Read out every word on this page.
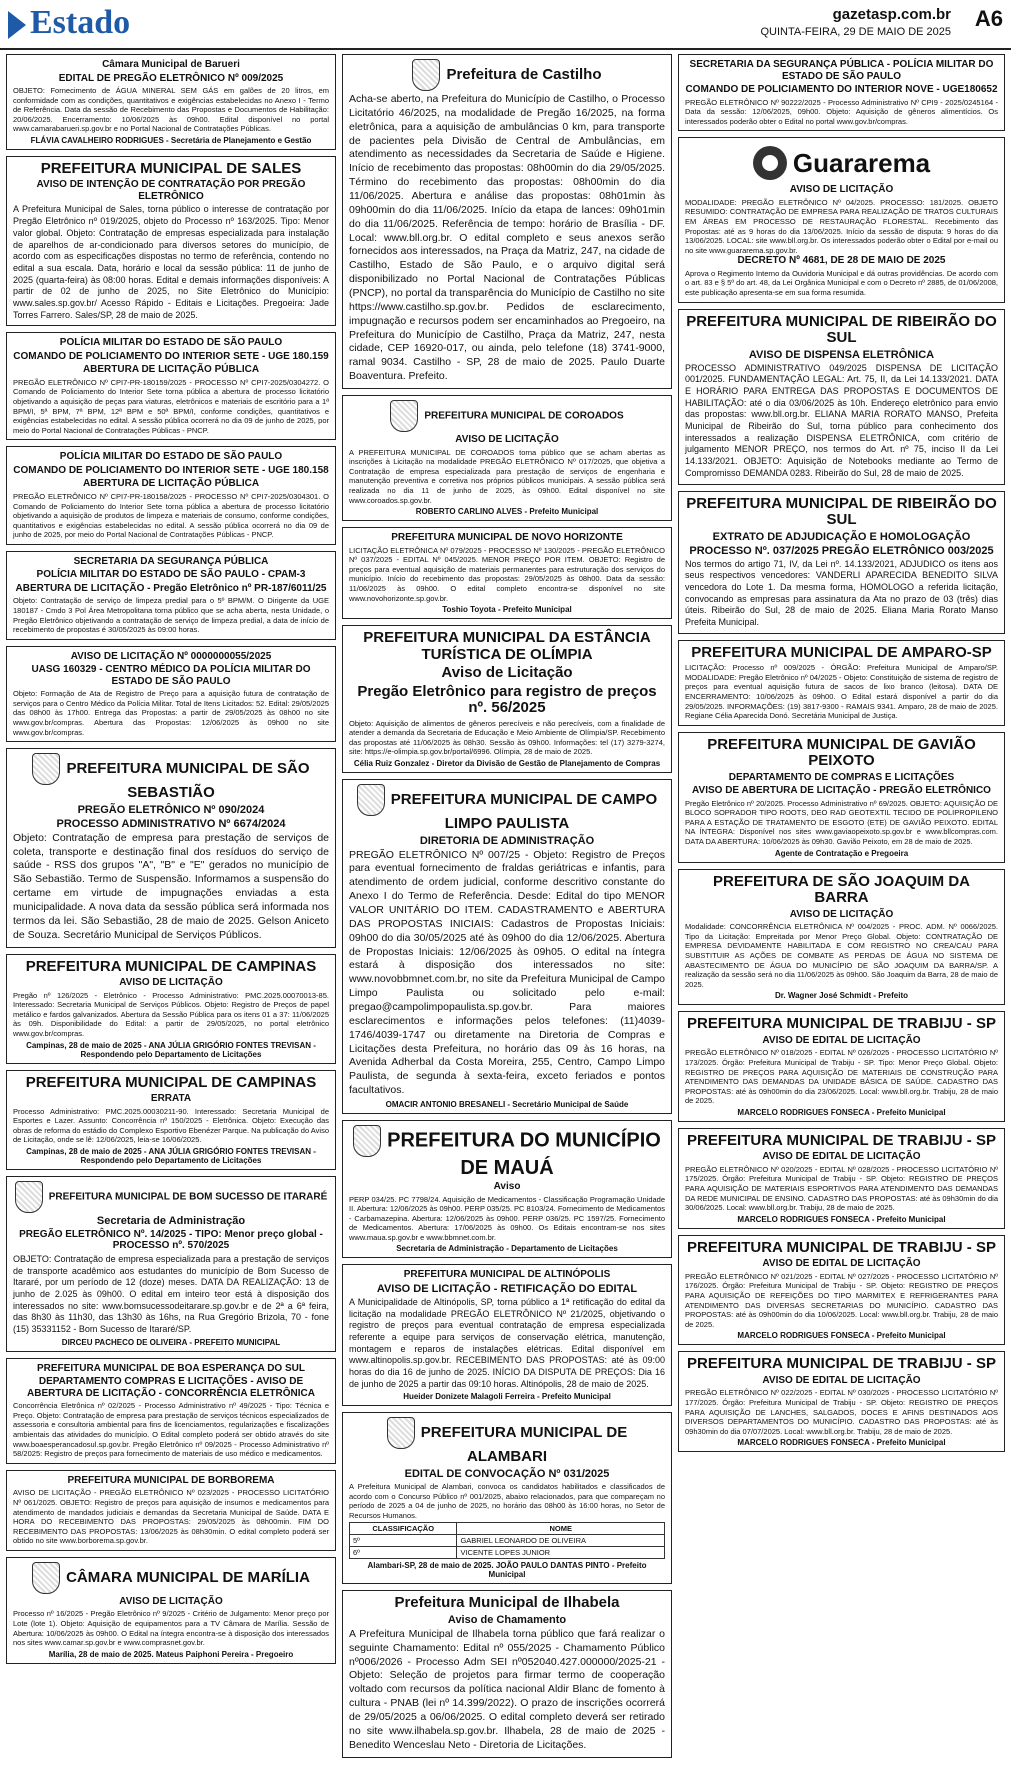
Estado	gazetasp.com.br
QUINTA-FEIRA, 29 DE MAIO DE 2025
A6
Câmara Municipal de Barueri
EDITAL DE PREGÃO ELETRÔNICO Nº 009/2025

OBJETO: Fornecimento de ÁGUA MINERAL SEM GÁS em galões de 20 litros, em conformidade com as condições, quantitativos e exigências estabelecidas no Anexo I - Termo de Referência. Data da sessão de Recebimento das Propostas e Documentos de Habilitação: 20/06/2025. Encerramento: 10/06/2025 às 09h00. Edital disponível no portal www.camarabarueri.sp.gov.br e no Portal Nacional de Contratações Públicas.

FLÁVIA CAVALHEIRO RODRIGUES - Secretária de Planejamento e Gestão
PREFEITURA MUNICIPAL DE SALES
AVISO DE INTENÇÃO DE CONTRATAÇÃO POR PREGÃO ELETRÔNICO

A Prefeitura Municipal de Sales, torna público o interesse de contratação por Pregão Eletrônico nº 019/2025, objeto do Processo nº 163/2025. Tipo: Menor valor global. Objeto: Contratação de empresas especializada para instalação de aparelhos de ar-condicionado para diversos setores do município, de acordo com as especificações dispostas no termo de referência, contendo no edital a sua escala. Data, horário e local da sessão pública: 11 de junho de 2025 (quarta-feira) às 08:00 horas. Edital e demais informações disponíveis: A partir de 02 de junho de 2025, no Site Eletrônico do Município: www.sales.sp.gov.br/ Acesso Rápido - Editais e Licitações. Pregoeira: Jade Torres Farrero. Sales/SP, 28 de maio de 2025.

POLÍCIA MILITAR DO ESTADO DE SÃO PAULO
COMANDO DE POLICIAMENTO DO INTERIOR SETE - UGE 180.159
ABERTURA DE LICITAÇÃO PÚBLICA

PREGÃO ELETRÔNICO Nº CPI7-PR-180159/2025 - PROCESSO Nº CPI7-2025/0304272. O Comando de Policiamento do Interior Sete torna pública a abertura de processo licitatório objetivando a aquisição de peças para viaturas, eletrônicos e materiais de escritório para a 1ª BPM/I, 5ª BPM, 7ª BPM, 12ª BPM e 50ª BPM/I, conforme condições, quantitativos e exigências estabelecidas no edital. A sessão pública ocorrerá no dia 09 de junho de 2025, por meio do Portal Nacional de Contratações Públicas - PNCP.

POLÍCIA MILITAR DO ESTADO DE SÃO PAULO
COMANDO DE POLICIAMENTO DO INTERIOR SETE - UGE 180.158
ABERTURA DE LICITAÇÃO PÚBLICA

PREGÃO ELETRÔNICO Nº CPI7-PR-180158/2025 - PROCESSO Nº CPI7-2025/0304301. O Comando de Policiamento do Interior Sete torna pública a abertura de processo licitatório objetivando a aquisição de produtos de limpeza e materiais de consumo, conforme condições, quantitativos e exigências estabelecidas no edital. A sessão pública ocorrerá no dia 09 de junho de 2025, por meio do Portal Nacional de Contratações Públicas - PNCP.

SECRETARIA DA SEGURANÇA PÚBLICA
POLÍCIA MILITAR DO ESTADO DE SÃO PAULO - CPAM-3
ABERTURA DE LICITAÇÃO - Pregão Eletrônico nº PR-187/6011/25

Objeto: Contratação de serviço de limpeza predial para o 5º BPM/M. O Dirigente da UGE 180187 - Cmdo 3 Pol Área Metropolitana torna público que se acha aberta, nesta Unidade, o Pregão Eletrônico objetivando a contratação de serviço de limpeza predial, a data de início de recebimento de propostas é 30/05/2025 às 09:00 horas.

AVISO DE LICITAÇÃO Nº 0000000055/2025
UASG 160329 - CENTRO MÉDICO DA POLÍCIA MILITAR DO ESTADO DE SÃO PAULO

Objeto: Formação de Ata de Registro de Preço para a aquisição futura de contratação de serviços para o Centro Médico da Polícia Militar. Total de Itens Licitados: 52. Edital: 29/05/2025 das 08h00 às 17h00. Entrega das Propostas: a partir de 29/05/2025 às 08h00 no site www.gov.br/compras. Abertura das Propostas: 12/06/2025 às 09h00 no site www.gov.br/compras.

PREFEITURA MUNICIPAL DE SÃO SEBASTIÃO
PREGÃO ELETRÔNICO Nº 090/2024
PROCESSO ADMINISTRATIVO Nº 6674/2024

Objeto: Contratação de empresa para prestação de serviços de coleta, transporte e destinação final dos resíduos do serviço de saúde - RSS dos grupos "A", "B" e "E" gerados no município de São Sebastião. Termo de Suspensão. Informamos a suspensão do certame em virtude de impugnações enviadas a esta municipalidade. A nova data da sessão pública será informada nos termos da lei. São Sebastião, 28 de maio de 2025. Gelson Aniceto de Souza. Secretário Municipal de Serviços Públicos.

PREFEITURA MUNICIPAL DE CAMPINAS
AVISO DE LICITAÇÃO

Pregão nº 126/2025 - Eletrônico - Processo Administrativo: PMC.2025.00070013-85. Interessado: Secretaria Municipal de Serviços Públicos. Objeto: Registro de Preços de papel metálico e fardos galvanizados. Abertura da Sessão Pública para os itens 01 a 37: 11/06/2025 às 09h. Disponibilidade do Edital: a partir de 29/05/2025, no portal eletrônico www.gov.br/compras.

Campinas, 28 de maio de 2025 - ANA JÚLIA GRIGÓRIO FONTES TREVISAN - Respondendo pelo Departamento de Licitações
PREFEITURA MUNICIPAL DE CAMPINAS
ERRATA

Processo Administrativo: PMC.2025.00030211-90. Interessado: Secretaria Municipal de Esportes e Lazer. Assunto: Concorrência nº 150/2025 - Eletrônica. Objeto: Execução das obras de reforma do estádio do Complexo Esportivo Ebenézer Parque. Na publicação do Aviso de Licitação, onde se lê: 12/06/2025, leia-se 16/06/2025.

Campinas, 28 de maio de 2025 - ANA JÚLIA GRIGÓRIO FONTES TREVISAN - Respondendo pelo Departamento de Licitações
PREFEITURA MUNICIPAL DE BOM SUCESSO DE ITARARÉ
Secretaria de Administração
PREGÃO ELETRÔNICO Nº. 14/2025 - TIPO: Menor preço global - PROCESSO nº. 570/2025

OBJETO: Contratação de empresa especializada para a prestação de serviços de transporte acadêmico aos estudantes do município de Bom Sucesso de Itararé, por um período de 12 (doze) meses. DATA DA REALIZAÇÃO: 13 de junho de 2.025 às 09h00. O edital em inteiro teor está à disposição dos interessados no site: www.bomsucessodeitarare.sp.gov.br e de 2ª a 6ª feira, das 8h30 às 11h30, das 13h30 às 16hs, na Rua Gregório Brizola, 70 - fone (15) 35331152 - Bom Sucesso de Itararé/SP.

DIRCEU PACHECO DE OLIVEIRA - PREFEITO MUNICIPAL
PREFEITURA MUNICIPAL DE BOA ESPERANÇA DO SUL
DEPARTAMENTO COMPRAS E LICITAÇÕES - AVISO DE ABERTURA DE LICITAÇÃO - CONCORRÊNCIA ELETRÔNICA

Concorrência Eletrônica nº 02/2025 - Processo Administrativo nº 49/2025 - Tipo: Técnica e Preço. Objeto: Contratação de empresa para prestação de serviços técnicos especializados de assessoria e consultoria ambiental para fins de licenciamentos, regularizações e fiscalizações ambientais das atividades do município. O Edital completo poderá ser obtido através do site www.boaesperancadosul.sp.gov.br. Pregão Eletrônico nº 09/2025 - Processo Administrativo nº 58/2025: Registro de preços para fornecimento de materiais de uso médico e medicamentos.

PREFEITURA MUNICIPAL DE BORBOREMA

AVISO DE LICITAÇÃO - PREGÃO ELETRÔNICO Nº 023/2025 - PROCESSO LICITATÓRIO Nº 061/2025. OBJETO: Registro de preços para aquisição de insumos e medicamentos para atendimento de mandados judiciais e demandas da Secretaria Municipal de Saúde. DATA E HORA DO RECEBIMENTO DAS PROPOSTAS: 29/05/2025 às 08h00min. FIM DO RECEBIMENTO DAS PROPOSTAS: 13/06/2025 às 08h30min. O edital completo poderá ser obtido no site www.borborema.sp.gov.br.

CÂMARA MUNICIPAL DE MARÍLIA
AVISO DE LICITAÇÃO

Processo nº 16/2025 - Pregão Eletrônico nº 9/2025 - Critério de Julgamento: Menor preço por Lote (lote 1). Objeto: Aquisição de equipamentos para a TV Câmara de Marília. Sessão de Abertura: 10/06/2025 às 09h00. O Edital na íntegra encontra-se à disposição dos interessados nos sites www.camar.sp.gov.br e www.comprasnet.gov.br.

Marília, 28 de maio de 2025. Mateus Paiphoni Pereira - Pregoeiro
Prefeitura de Castilho

Acha-se aberto, na Prefeitura do Município de Castilho, o Processo Licitatório 46/2025, na modalidade de Pregão 16/2025, na forma eletrônica, para a aquisição de ambulâncias 0 km, para transporte de pacientes pela Divisão de Central de Ambulâncias, em atendimento as necessidades da Secretaria de Saúde e Higiene. Início de recebimento das propostas: 08h00min do dia 29/05/2025. Término do recebimento das propostas: 08h00min do dia 11/06/2025. Abertura e análise das propostas: 08h01min às 09h00min do dia 11/06/2025. Início da etapa de lances: 09h01min do dia 11/06/2025. Referência de tempo: horário de Brasília - DF. Local: www.bll.org.br. O edital completo e seus anexos serão fornecidos aos interessados, na Praça da Matriz, 247, na cidade de Castilho, Estado de São Paulo, e o arquivo digital será disponibilizado no Portal Nacional de Contratações Públicas (PNCP), no portal da transparência do Município de Castilho no site https://www.castilho.sp.gov.br. Pedidos de esclarecimento, impugnação e recursos podem ser encaminhados ao Pregoeiro, na Prefeitura do Município de Castilho, Praça da Matriz, 247, nesta cidade, CEP 16920-017, ou ainda, pelo telefone (18) 3741-9000, ramal 9034. Castilho - SP, 28 de maio de 2025. Paulo Duarte Boaventura. Prefeito.

PREFEITURA MUNICIPAL DE COROADOS
AVISO DE LICITAÇÃO

A PREFEITURA MUNICIPAL DE COROADOS torna público que se acham abertas as inscrições à Licitação na modalidade PREGÃO ELETRÔNICO Nº 017/2025, que objetiva a Contratação de empresa especializada para prestação de serviços de engenharia e manutenção preventiva e corretiva nos próprios públicos municipais. A sessão pública será realizada no dia 11 de junho de 2025, às 09h00. Edital disponível no site www.coroados.sp.gov.br.

ROBERTO CARLINO ALVES - Prefeito Municipal
PREFEITURA MUNICIPAL DE NOVO HORIZONTE

LICITAÇÃO ELETRÔNICA Nº 079/2025 - PROCESSO Nº 130/2025 - PREGÃO ELETRÔNICO Nº 037/2025 - EDITAL Nº 045/2025. MENOR PREÇO POR ITEM. OBJETO: Registro de preços para eventual aquisição de materiais permanentes para estruturação dos serviços do município. Início do recebimento das propostas: 29/05/2025 às 08h00. Data da sessão: 11/06/2025 às 09h00. O edital completo encontra-se disponível no site www.novohorizonte.sp.gov.br.

Toshio Toyota - Prefeito Municipal
PREFEITURA MUNICIPAL DA ESTÂNCIA TURÍSTICA DE OLÍMPIA
Aviso de Licitação
Pregão Eletrônico para registro de preços nº. 56/2025

Objeto: Aquisição de alimentos de gêneros perecíveis e não perecíveis, com a finalidade de atender a demanda da Secretaria de Educação e Meio Ambiente de Olímpia/SP. Recebimento das propostas até 11/06/2025 às 08h30. Sessão às 09h00. Informações: tel (17) 3279-3274, site: https://e-olimpia.sp.gov.br/portal/6996. Olímpia, 28 de maio de 2025.

Célia Ruiz Gonzalez - Diretor da Divisão de Gestão de Planejamento de Compras
PREFEITURA MUNICIPAL DE CAMPO LIMPO PAULISTA
DIRETORIA DE ADMINISTRAÇÃO

PREGÃO ELETRÔNICO Nº 007/25 - Objeto: Registro de Preços para eventual fornecimento de fraldas geriátricas e infantis, para atendimento de ordem judicial, conforme descritivo constante do Anexo I do Termo de Referência. Desde: Edital do tipo MENOR VALOR UNITÁRIO DO ITEM. CADASTRAMENTO e ABERTURA DAS PROPOSTAS INICIAIS: Cadastros de Propostas Iniciais: 09h00 do dia 30/05/2025 até às 09h00 do dia 12/06/2025. Abertura de Propostas Iniciais: 12/06/2025 às 09h05. O edital na íntegra estará à disposição dos interessados no site: www.novobbmnet.com.br, no site da Prefeitura Municipal de Campo Limpo Paulista ou solicitado pelo e-mail: pregao@campolimpopaulista.sp.gov.br. Para maiores esclarecimentos e informações pelos telefones: (11)4039-1746/4039-1747 ou diretamente na Diretoria de Compras e Licitações desta Prefeitura, no horário das 09 às 16 horas, na Avenida Adherbal da Costa Moreira, 255, Centro, Campo Limpo Paulista, de segunda à sexta-feira, exceto feriados e pontos facultativos.

OMACIR ANTONIO BRESANELI - Secretário Municipal de Saúde
PREFEITURA DO MUNICÍPIO DE MAUÁ
Aviso

PERP 034/25. PC 7798/24. Aquisição de Medicamentos - Classificação Programação Unidade II. Abertura: 12/06/2025 às 09h00. PERP 035/25. PC 8103/24. Fornecimento de Medicamentos - Carbamazepina. Abertura: 12/06/2025 às 09h00. PERP 036/25. PC 1597/25. Fornecimento de Medicamentos. Abertura: 17/06/2025 às 09h00. Os Editais encontram-se nos sites www.maua.sp.gov.br e www.bbmnet.com.br.

Secretaria de Administração - Departamento de Licitações
PREFEITURA MUNICIPAL DE ALTINÓPOLIS
AVISO DE LICITAÇÃO - RETIFICAÇÃO DO EDITAL

A Municipalidade de Altinópolis, SP, torna público a 1ª retificação do edital da licitação na modalidade PREGÃO ELETRÔNICO Nº 21/2025, objetivando o registro de preços para eventual contratação de empresa especializada referente a equipe para serviços de conservação elétrica, manutenção, montagem e reparos de instalações elétricas. Edital disponível em www.altinopolis.sp.gov.br. RECEBIMENTO DAS PROPOSTAS: até às 09:00 horas do dia 16 de junho de 2025. INÍCIO DA DISPUTA DE PREÇOS: Dia 16 de junho de 2025 a partir das 09:10 horas. Altinópolis, 28 de maio de 2025.

Hueider Donizete Malagoli Ferreira - Prefeito Municipal
PREFEITURA MUNICIPAL DE ALAMBARI
EDITAL DE CONVOCAÇÃO Nº 031/2025

A Prefeitura Municipal de Alambari, convoca os candidatos habilitados e classificados de acordo com o Concurso Público nº 001/2025, abaixo relacionados, para que compareçam no período de 2025 a 04 de junho de 2025, no horário das 08h00 às 16:00 horas, no Setor de Recursos Humanos.

CLASSIFICAÇÃO	NOME
5º	GABRIEL LEONARDO DE OLIVEIRA
6º	VICENTE LOPES JUNIOR
Alambari-SP, 28 de maio de 2025. JOÃO PAULO DANTAS PINTO - Prefeito Municipal
Prefeitura Municipal de Ilhabela
Aviso de Chamamento

A Prefeitura Municipal de Ilhabela torna público que fará realizar o seguinte Chamamento: Edital nº 055/2025 - Chamamento Público nº006/2026 - Processo Adm SEI nº052040.427.000000/2025-21 - Objeto: Seleção de projetos para firmar termo de cooperação voltado com recursos da política nacional Aldir Blanc de fomento à cultura - PNAB (lei nº 14.399/2022). O prazo de inscrições ocorrerá de 29/05/2025 a 06/06/2025. O edital completo deverá ser retirado no site www.ilhabela.sp.gov.br. Ilhabela, 28 de maio de 2025 - Benedito Wenceslau Neto - Diretoria de Licitações.

SECRETARIA DA SEGURANÇA PÚBLICA - POLÍCIA MILITAR DO ESTADO DE SÃO PAULO
COMANDO DE POLICIAMENTO DO INTERIOR NOVE - UGE180652

PREGÃO ELETRÔNICO Nº 90222/2025 - Processo Administrativo Nº CPI9 - 2025/0245164 - Data da sessão: 12/06/2025, 09h00. Objeto: Aquisição de gêneros alimentícios. Os interessados poderão obter o Edital no portal www.gov.br/compras.

Guararema
AVISO DE LICITAÇÃO

MODALIDADE: PREGÃO ELETRÔNICO Nº 04/2025. PROCESSO: 181/2025. OBJETO RESUMIDO: CONTRATAÇÃO DE EMPRESA PARA REALIZAÇÃO DE TRATOS CULTURAIS EM ÁREAS EM PROCESSO DE RESTAURAÇÃO FLORESTAL. Recebimento das Propostas: até as 9 horas do dia 13/06/2025. Início da sessão de disputa: 9 horas do dia 13/06/2025. LOCAL: site www.bll.org.br. Os interessados poderão obter o Edital por e-mail ou no site www.guararema.sp.gov.br.

DECRETO Nº 4681, DE 28 DE MAIO DE 2025

Aprova o Regimento Interno da Ouvidoria Municipal e dá outras providências. De acordo com o art. 83 e § 5º do art. 48, da Lei Orgânica Municipal e com o Decreto nº 2885, de 01/06/2008, este publicação apresenta-se em sua forma resumida.

PREFEITURA MUNICIPAL DE RIBEIRÃO DO SUL
AVISO DE DISPENSA ELETRÔNICA

PROCESSO ADMINISTRATIVO 049/2025 DISPENSA DE LICITAÇÃO 001/2025. FUNDAMENTAÇÃO LEGAL: Art. 75, II, da Lei 14.133/2021. DATA E HORÁRIO PARA ENTREGA DAS PROPOSTAS E DOCUMENTOS DE HABILITAÇÃO: até o dia 03/06/2025 às 10h. Endereço eletrônico para envio das propostas: www.bll.org.br. ELIANA MARIA RORATO MANSO, Prefeita Municipal de Ribeirão do Sul, torna público para conhecimento dos interessados a realização DISPENSA ELETRÔNICA, com critério de julgamento MENOR PREÇO, nos termos do Art. nº 75, inciso II da Lei 14.133/2021. OBJETO: Aquisição de Notebooks mediante ao Termo de Compromisso DEMANDA 0283. Ribeirão do Sul, 28 de maio de 2025.

PREFEITURA MUNICIPAL DE RIBEIRÃO DO SUL
EXTRATO DE ADJUDICAÇÃO E HOMOLOGAÇÃO
PROCESSO Nº. 037/2025 PREGÃO ELETRÔNICO 003/2025

Nos termos do artigo 71, IV, da Lei nº. 14.133/2021, ADJUDICO os itens aos seus respectivos vencedores: VANDERLI APARECIDA BENEDITO SILVA vencedora do Lote 1. Da mesma forma, HOMOLOGO a referida licitação, convocando as empresas para assinatura da Ata no prazo de 03 (três) dias úteis. Ribeirão do Sul, 28 de maio de 2025. Eliana Maria Rorato Manso Prefeita Municipal.

PREFEITURA MUNICIPAL DE AMPARO-SP

LICITAÇÃO: Processo nº 009/2025 - ÓRGÃO: Prefeitura Municipal de Amparo/SP. MODALIDADE: Pregão Eletrônico nº 04/2025 - Objeto: Constituição de sistema de registro de preços para eventual aquisição futura de sacos de lixo branco (leitosa). DATA DE ENCERRAMENTO: 10/06/2025 às 09h00. O Edital estará disponível a partir do dia 29/05/2025. INFORMAÇÕES: (19) 3817-9300 - RAMAIS 9341. Amparo, 28 de maio de 2025. Regiane Célia Aparecida Donó. Secretária Municipal de Justiça.

PREFEITURA MUNICIPAL DE GAVIÃO PEIXOTO
DEPARTAMENTO DE COMPRAS E LICITAÇÕES
AVISO DE ABERTURA DE LICITAÇÃO - PREGÃO ELETRÔNICO

Pregão Eletrônico nº 20/2025. Processo Administrativo nº 69/2025. OBJETO: AQUISIÇÃO DE BLOCO SOPRADOR TIPO ROOTS, DEO RAD GEOTEXTIL TECIDO DE POLIPROPILENO PARA A ESTAÇÃO DE TRATAMENTO DE ESGOTO (ETE) DE GAVIÃO PEIXOTO. EDITAL NA ÍNTEGRA: Disponível nos sites www.gaviaopeixoto.sp.gov.br e www.bllcompras.com. DATA DA ABERTURA: 10/06/2025 às 09h30. Gavião Peixoto, em 28 de maio de 2025.

Agente de Contratação e Pregoeira
PREFEITURA DE SÃO JOAQUIM DA BARRA
AVISO DE LICITAÇÃO

Modalidade: CONCORRÊNCIA ELETRÔNICA Nº 004/2025 - PROC. ADM. Nº 0066/2025. Tipo da Licitação: Empreitada por Menor Preço Global. Objeto: CONTRATAÇÃO DE EMPRESA DEVIDAMENTE HABILITADA E COM REGISTRO NO CREA/CAU PARA SUBSTITUIR AS AÇÕES DE COMBATE AS PERDAS DE ÁGUA NO SISTEMA DE ABASTECIMENTO DE ÁGUA DO MUNICÍPIO DE SÃO JOAQUIM DA BARRA/SP. A realização da sessão será no dia 11/06/2025 às 09h00. São Joaquim da Barra, 28 de maio de 2025.

Dr. Wagner José Schmidt - Prefeito
PREFEITURA MUNICIPAL DE TRABIJU - SP
AVISO DE EDITAL DE LICITAÇÃO

PREGÃO ELETRÔNICO Nº 018/2025 - EDITAL Nº 026/2025 - PROCESSO LICITATÓRIO Nº 173/2025. Órgão: Prefeitura Municipal de Trabiju - SP. Tipo: Menor Preço Global. Objeto: REGISTRO DE PREÇOS PARA AQUISIÇÃO DE MATERIAIS DE CONSTRUÇÃO PARA ATENDIMENTO DAS DEMANDAS DA UNIDADE BÁSICA DE SAÚDE. CADASTRO DAS PROPOSTAS: até às 09h00min do dia 23/06/2025. Local: www.bll.org.br. Trabiju, 28 de maio de 2025.

MARCELO RODRIGUES FONSECA - Prefeito Municipal
PREFEITURA MUNICIPAL DE TRABIJU - SP
AVISO DE EDITAL DE LICITAÇÃO

PREGÃO ELETRÔNICO Nº 020/2025 - EDITAL Nº 028/2025 - PROCESSO LICITATÓRIO Nº 175/2025. Órgão: Prefeitura Municipal de Trabiju - SP. Objeto: REGISTRO DE PREÇOS PARA AQUISIÇÃO DE MATERIAIS ESPORTIVOS PARA ATENDIMENTO DAS DEMANDAS DA REDE MUNICIPAL DE ENSINO. CADASTRO DAS PROPOSTAS: até às 09h30min do dia 30/06/2025. Local: www.bll.org.br. Trabiju, 28 de maio de 2025.

MARCELO RODRIGUES FONSECA - Prefeito Municipal
PREFEITURA MUNICIPAL DE TRABIJU - SP
AVISO DE EDITAL DE LICITAÇÃO

PREGÃO ELETRÔNICO Nº 021/2025 - EDITAL Nº 027/2025 - PROCESSO LICITATÓRIO Nº 176/2025. Órgão: Prefeitura Municipal de Trabiju - SP. Objeto: REGISTRO DE PREÇOS PARA AQUISIÇÃO DE REFEIÇÕES DO TIPO MARMITEX E REFRIGERANTES PARA ATENDIMENTO DAS DIVERSAS SECRETARIAS DO MUNICÍPIO. CADASTRO DAS PROPOSTAS: até às 09h00min do dia 10/06/2025. Local: www.bll.org.br. Trabiju, 28 de maio de 2025.

MARCELO RODRIGUES FONSECA - Prefeito Municipal
PREFEITURA MUNICIPAL DE TRABIJU - SP
AVISO DE EDITAL DE LICITAÇÃO

PREGÃO ELETRÔNICO Nº 022/2025 - EDITAL Nº 030/2025 - PROCESSO LICITATÓRIO Nº 177/2025. Órgão: Prefeitura Municipal de Trabiju - SP. Objeto: REGISTRO DE PREÇOS PARA AQUISIÇÃO DE LANCHES, SALGADOS, DOCES E AFINS DESTINADOS AOS DIVERSOS DEPARTAMENTOS DO MUNICÍPIO. CADASTRO DAS PROPOSTAS: até às 09h30min do dia 07/07/2025. Local: www.bll.org.br. Trabiju, 28 de maio de 2025.

MARCELO RODRIGUES FONSECA - Prefeito Municipal
